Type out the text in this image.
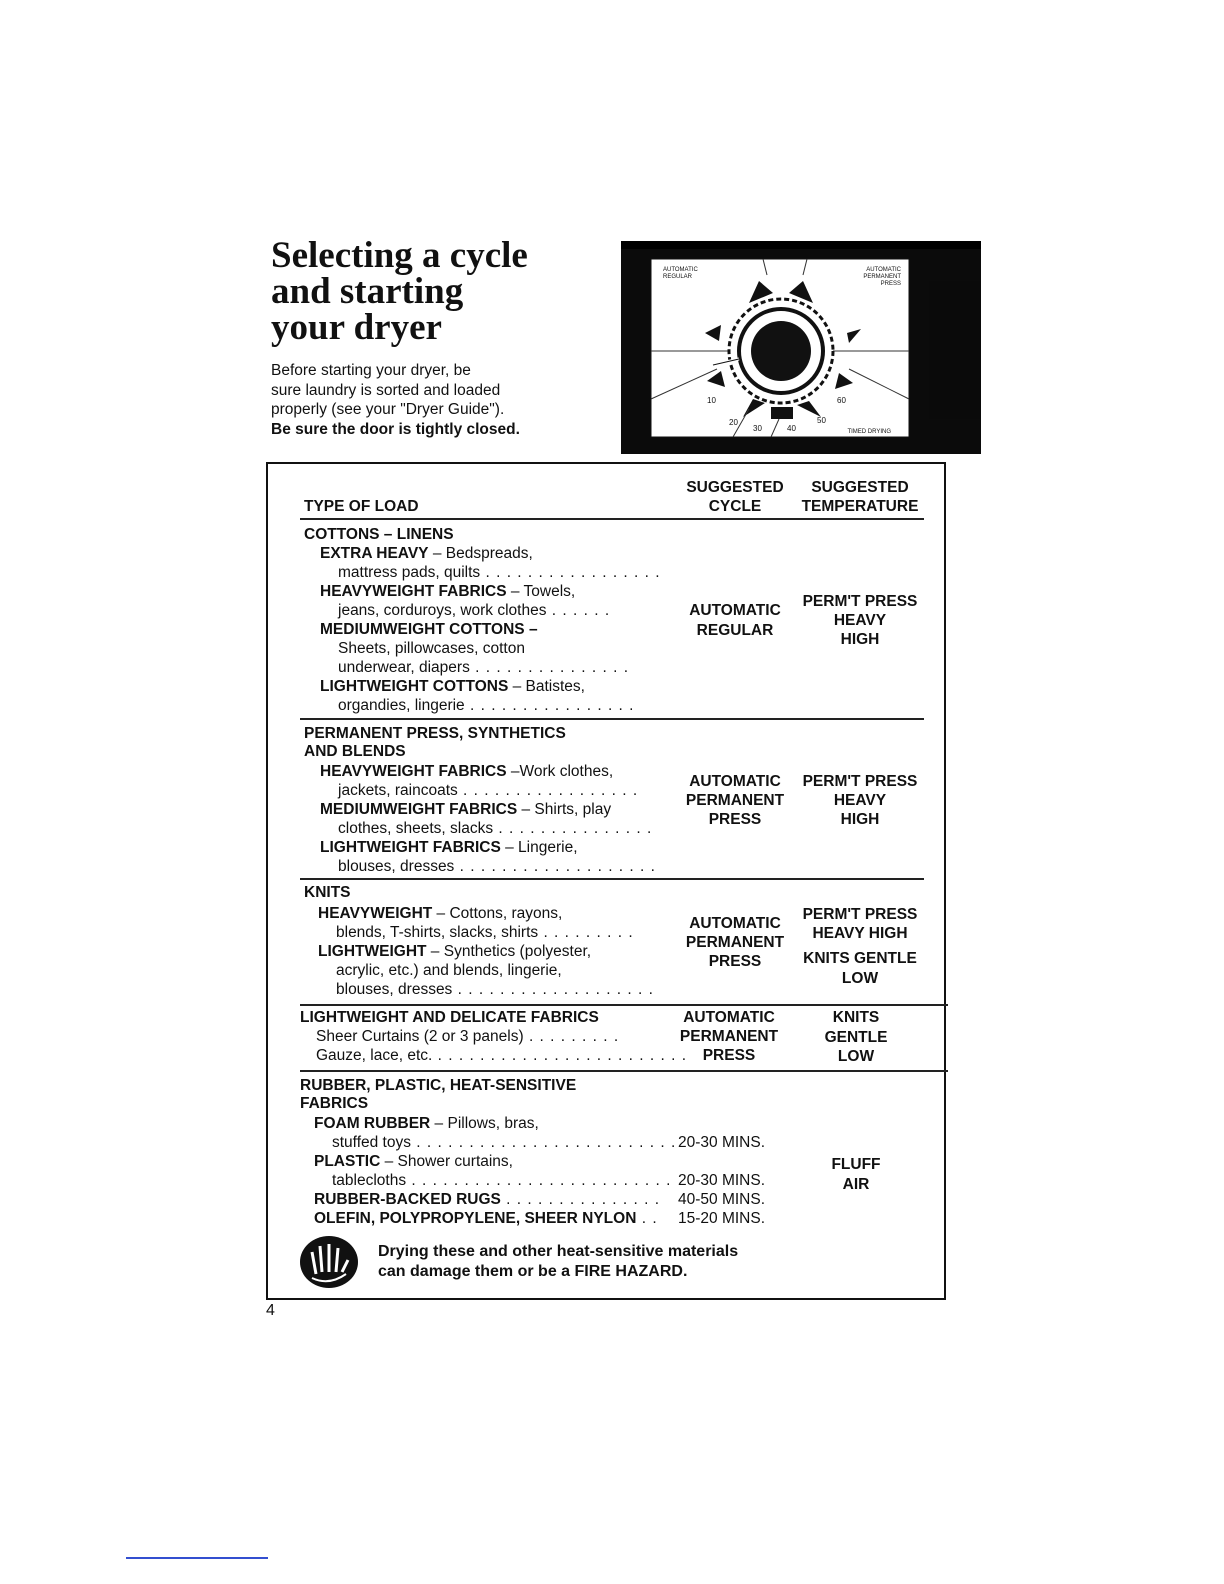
Selecting a cycle
and starting
your dryer
Before starting your dryer, be
sure laundry is sorted and loaded
properly (see your "Dryer Guide").
Be sure the door is tightly closed.
AUTOMATIC
REGULAR
AUTOMATIC
PERMANENT
PRESS
10
20
30	40
50
60
TIMED DRYING
TYPE OF LOAD
SUGGESTED
CYCLE
SUGGESTED
TEMPERATURE
COTTONS – LINENS
EXTRA HEAVY – Bedspreads,
mattress pads, quilts . . . . . . . . . . . . . . . . .
HEAVYWEIGHT FABRICS – Towels,
jeans, corduroys, work clothes . . . . . .
MEDIUMWEIGHT COTTONS –
Sheets, pillowcases, cotton
underwear, diapers . . . . . . . . . . . . . . .
LIGHTWEIGHT COTTONS – Batistes,
organdies, lingerie . . . . . . . . . . . . . . . .
AUTOMATIC
REGULAR
PERM'T PRESS
HEAVY
HIGH
PERMANENT PRESS, SYNTHETICS
AND BLENDS
HEAVYWEIGHT FABRICS –Work clothes,
jackets, raincoats . . . . . . . . . . . . . . . . .
MEDIUMWEIGHT FABRICS – Shirts, play
clothes, sheets, slacks . . . . . . . . . . . . . . .
LIGHTWEIGHT FABRICS – Lingerie,
blouses, dresses . . . . . . . . . . . . . . . . . . .
AUTOMATIC
PERMANENT
PRESS
PERM'T PRESS
HEAVY
HIGH
KNITS
HEAVYWEIGHT – Cottons, rayons,
blends, T-shirts, slacks, shirts . . . . . . . . .
LIGHTWEIGHT – Synthetics (polyester,
acrylic, etc.) and blends, lingerie,
blouses, dresses . . . . . . . . . . . . . . . . . . .
AUTOMATIC
PERMANENT
PRESS
PERM'T PRESS
HEAVY HIGH
KNITS GENTLE
LOW
LIGHTWEIGHT AND DELICATE FABRICS
Sheer Curtains (2 or 3 panels) . . . . . . . . .
Gauze, lace, etc. . . . . . . . . . . . . . . . . . . . . . . . .
AUTOMATIC
PERMANENT
PRESS
KNITS
GENTLE
LOW
RUBBER, PLASTIC, HEAT-SENSITIVE
FABRICS
FOAM RUBBER – Pillows, bras,
stuffed toys . . . . . . . . . . . . . . . . . . . . . . . . .
PLASTIC – Shower curtains,
tablecloths . . . . . . . . . . . . . . . . . . . . . . . . .
RUBBER-BACKED RUGS . . . . . . . . . . . . . . .
OLEFIN, POLYPROPYLENE, SHEER NYLON . .
20-30 MINS.
20-30 MINS.
40-50 MINS.
15-20 MINS.
FLUFF
AIR
Drying these and other heat-sensitive materials
can damage them or be a FIRE HAZARD.
4
